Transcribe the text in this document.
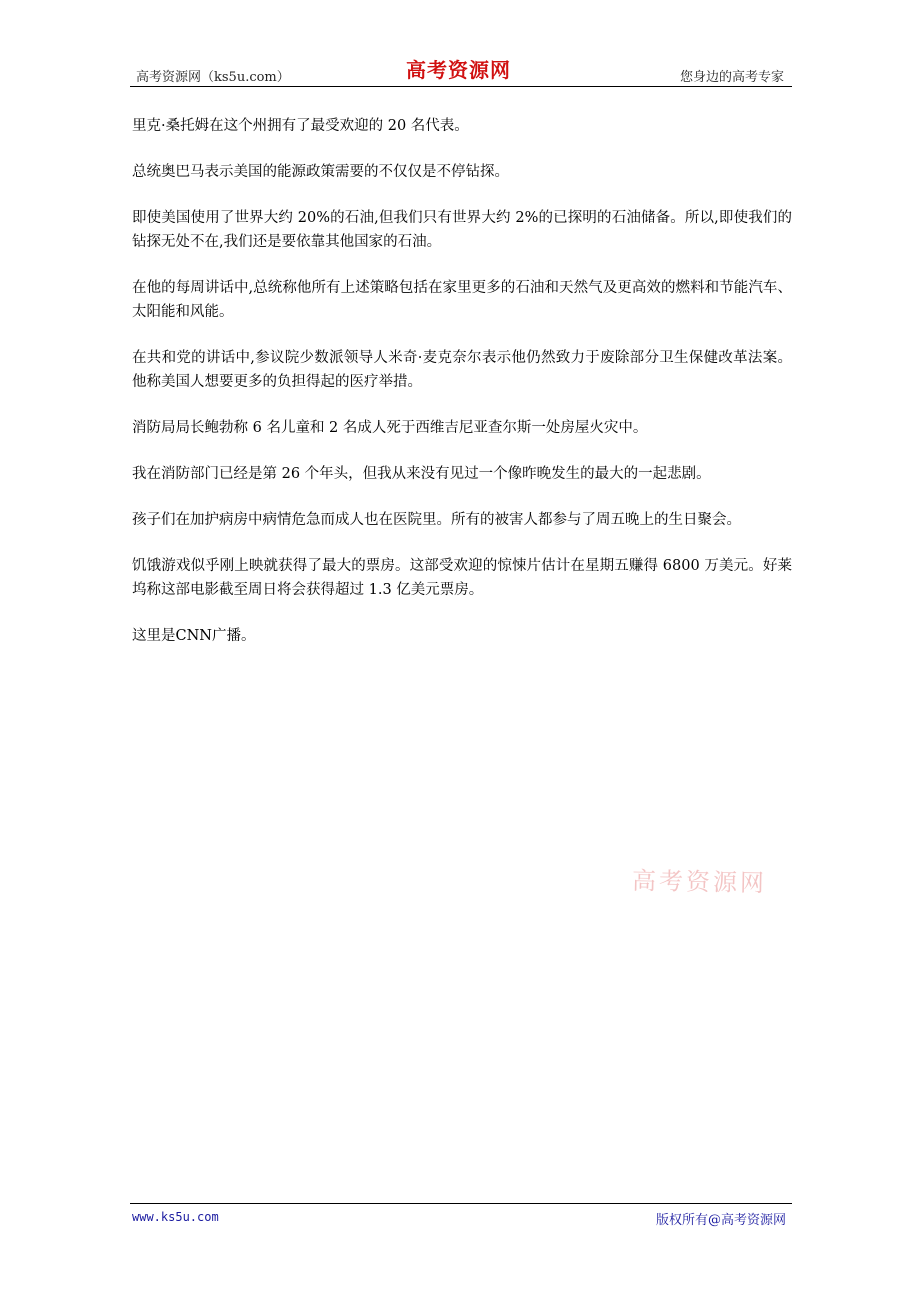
高考资源网（ks5u.com）	高考资源网	您身边的高考专家

里克·桑托姆在这个州拥有了最受欢迎的 20 名代表。

总统奥巴马表示美国的能源政策需要的不仅仅是不停钻探。

即使美国使用了世界大约 20%的石油,但我们只有世界大约 2%的已探明的石油储备。所以,即使我们的钻探无处不在,我们还是要依靠其他国家的石油。

在他的每周讲话中,总统称他所有上述策略包括在家里更多的石油和天然气及更高效的燃料和节能汽车、太阳能和风能。

在共和党的讲话中,参议院少数派领导人米奇·麦克奈尔表示他仍然致力于废除部分卫生保健改革法案。他称美国人想要更多的负担得起的医疗举措。

消防局局长鲍勃称 6 名儿童和 2 名成人死于西维吉尼亚查尔斯一处房屋火灾中。

我在消防部门已经是第 26 个年头，但我从来没有见过一个像昨晚发生的最大的一起悲剧。

孩子们在加护病房中病情危急而成人也在医院里。所有的被害人都参与了周五晚上的生日聚会。

饥饿游戏似乎刚上映就获得了最大的票房。这部受欢迎的惊悚片估计在星期五赚得 6800 万美元。好莱坞称这部电影截至周日将会获得超过 1.3 亿美元票房。

这里是CNN广播。

高考资源网
www.ks5u.com	版权所有@高考资源网
